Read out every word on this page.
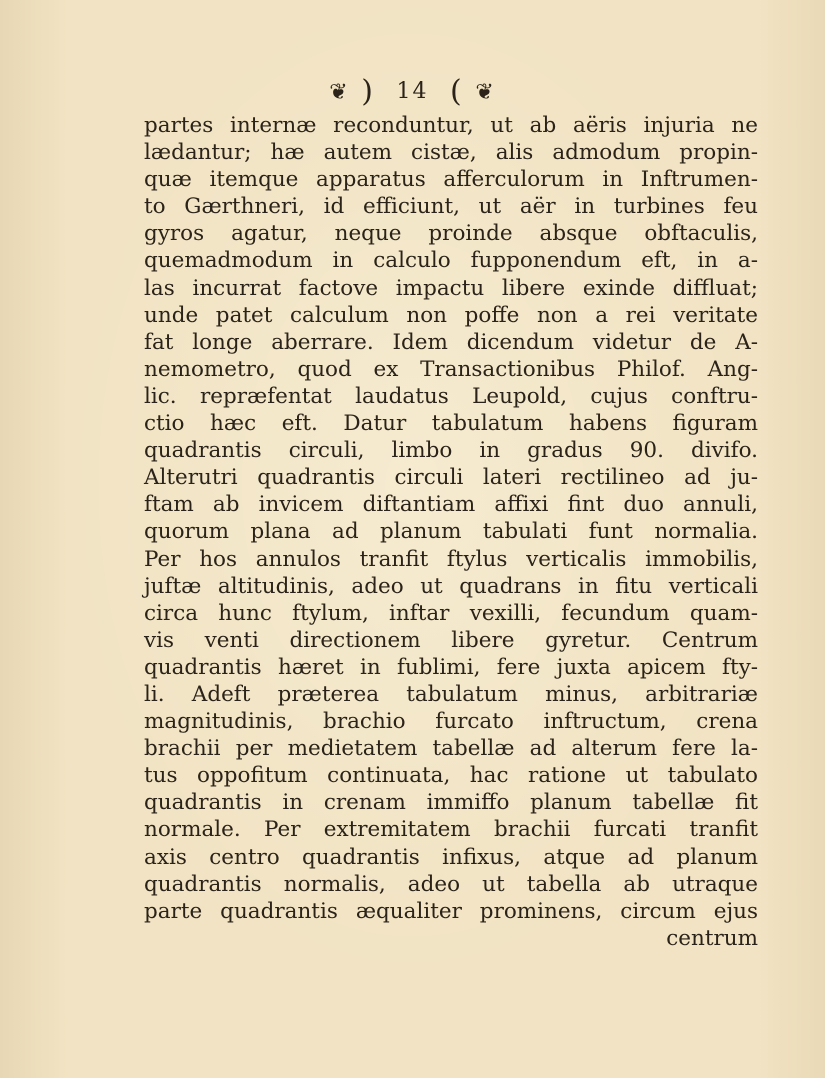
❦ ) 14 ( ❦
partes internæ reconduntur, ut ab aëris injuria ne
lædantur; hæ autem cistæ, alis admodum propin-
quæ itemque apparatus afferculorum in Inftrumen-
to Gærthneri, id efficiunt, ut aër in turbines feu
gyros agatur, neque proinde absque obftaculis,
quemadmodum in calculo fupponendum eft, in a-
las incurrat factove impactu libere exinde diffluat;
unde patet calculum non poffe non a rei veritate
fat longe aberrare. Idem dicendum videtur de A-
nemometro, quod ex Transactionibus Philof. Ang-
lic. repræfentat laudatus Leupold, cujus conftru-
ctio hæc eft. Datur tabulatum habens figuram
quadrantis circuli, limbo in gradus 90. divifo.
Alterutri quadrantis circuli lateri rectilineo ad ju-
ftam ab invicem diftantiam affixi fint duo annuli,
quorum plana ad planum tabulati funt normalia.
Per hos annulos tranfit ftylus verticalis immobilis,
juftæ altitudinis, adeo ut quadrans in fitu verticali
circa hunc ftylum, inftar vexilli, fecundum quam-
vis venti directionem libere gyretur. Centrum
quadrantis hæret in fublimi, fere juxta apicem fty-
li. Adeft præterea tabulatum minus, arbitrariæ
magnitudinis, brachio furcato inftructum, crena
brachii per medietatem tabellæ ad alterum fere la-
tus oppofitum continuata, hac ratione ut tabulato
quadrantis in crenam immiffo planum tabellæ fit
normale. Per extremitatem brachii furcati tranfit
axis centro quadrantis infixus, atque ad planum
quadrantis normalis, adeo ut tabella ab utraque
parte quadrantis æqualiter prominens, circum ejus
centrum
